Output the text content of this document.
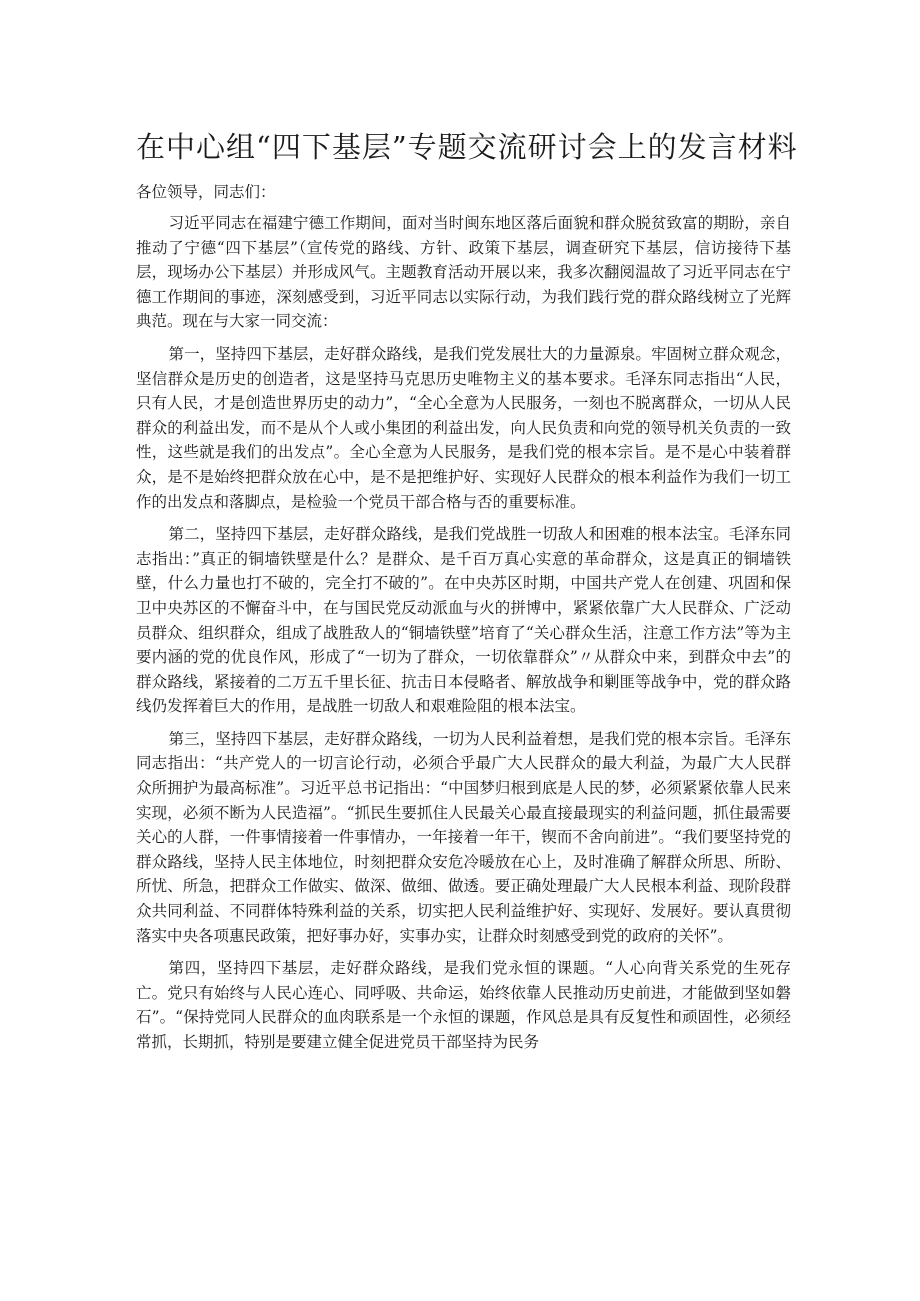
在中心组“四下基层”专题交流研讨会上的发言材料

各位领导，同志们：

习近平同志在福建宁德工作期间，面对当时闽东地区落后面貌和群众脱贫致富的期盼，亲自推动了宁德“四下基层”（宣传党的路线、方针、政策下基层，调查研究下基层，信访接待下基层，现场办公下基层）并形成风气。主题教育活动开展以来，我多次翻阅温故了习近平同志在宁德工作期间的事迹，深刻感受到，习近平同志以实际行动，为我们践行党的群众路线树立了光辉典范。现在与大家一同交流：

第一，坚持四下基层，走好群众路线，是我们党发展壮大的力量源泉。牢固树立群众观念，坚信群众是历史的创造者，这是坚持马克思历史唯物主义的基本要求。毛泽东同志指出“人民，只有人民，才是创造世界历史的动力”，“全心全意为人民服务，一刻也不脱离群众，一切从人民群众的利益出发，而不是从个人或小集团的利益出发，向人民负责和向党的领导机关负责的一致性，这些就是我们的出发点”。全心全意为人民服务，是我们党的根本宗旨。是不是心中装着群众，是不是始终把群众放在心中，是不是把维护好、实现好人民群众的根本利益作为我们一切工作的出发点和落脚点，是检验一个党员干部合格与否的重要标准。

第二，坚持四下基层，走好群众路线，是我们党战胜一切敌人和困难的根本法宝。毛泽东同志指出：”真正的铜墙铁壁是什么？是群众、是千百万真心实意的革命群众，这是真正的铜墙铁壁，什么力量也打不破的，完全打不破的”。在中央苏区时期，中国共产党人在创建、巩固和保卫中央苏区的不懈奋斗中，在与国民党反动派血与火的拼博中，紧紧依靠广大人民群众、广泛动员群众、组织群众，组成了战胜敌人的“铜墙铁壁”培育了“关心群众生活，注意工作方法”等为主要内涵的党的优良作风，形成了“一切为了群众，一切依靠群众”〃从群众中来，到群众中去”的群众路线，紧接着的二万五千里长征、抗击日本侵略者、解放战争和剿匪等战争中，党的群众路线仍发挥着巨大的作用，是战胜一切敌人和艰难险阻的根本法宝。

第三，坚持四下基层，走好群众路线，一切为人民利益着想，是我们党的根本宗旨。毛泽东同志指出：“共产党人的一切言论行动，必须合乎最广大人民群众的最大利益，为最广大人民群众所拥护为最高标准”。习近平总书记指出：“中国梦归根到底是人民的梦，必须紧紧依靠人民来实现，必须不断为人民造福”。“抓民生要抓住人民最关心最直接最现实的利益问题，抓住最需要关心的人群，一件事情接着一件事情办，一年接着一年干，锲而不舍向前进”。“我们要坚持党的群众路线，坚持人民主体地位，时刻把群众安危冷暖放在心上，及时准确了解群众所思、所盼、所忧、所急，把群众工作做实、做深、做细、做透。要正确处理最广大人民根本利益、现阶段群众共同利益、不同群体特殊利益的关系，切实把人民利益维护好、实现好、发展好。要认真贯彻落实中央各项惠民政策，把好事办好，实事办实，让群众时刻感受到党的政府的关怀”。

第四，坚持四下基层，走好群众路线，是我们党永恒的课题。“人心向背关系党的生死存亡。党只有始终与人民心连心、同呼吸、共命运，始终依靠人民推动历史前进，才能做到坚如磐石”。“保持党同人民群众的血肉联系是一个永恒的课题，作风总是具有反复性和顽固性，必须经常抓，长期抓，特别是要建立健全促进党员干部坚持为民务
